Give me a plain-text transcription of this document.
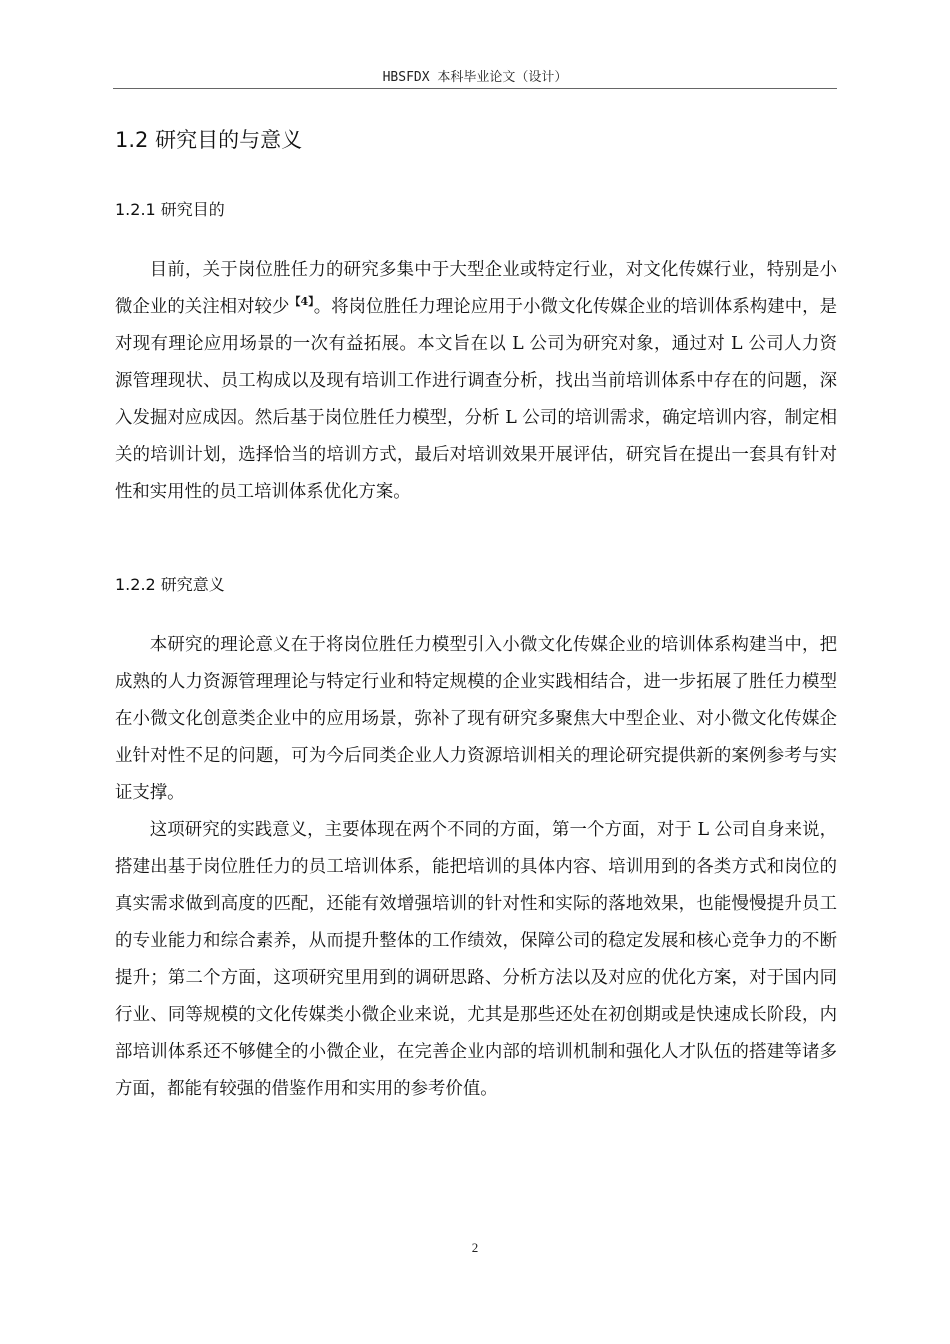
HBSFDX 本科毕业论文（设计）
1.2 研究目的与意义
1.2.1 研究目的

目前，关于岗位胜任力的研究多集中于大型企业或特定行业，对文化传媒行业，特别是小微企业的关注相对较少$^{【4】}$。将岗位胜任力理论应用于小微文化传媒企业的培训体系构建中，是对现有理论应用场景的一次有益拓展。本文旨在以 L 公司为研究对象，通过对 L 公司人力资源管理现状、员工构成以及现有培训工作进行调查分析，找出当前培训体系中存在的问题，深入发掘对应成因。然后基于岗位胜任力模型，分析 L 公司的培训需求，确定培训内容，制定相关的培训计划，选择恰当的培训方式，最后对培训效果开展评估，研究旨在提出一套具有针对性和实用性的员工培训体系优化方案。

1.2.2 研究意义

本研究的理论意义在于将岗位胜任力模型引入小微文化传媒企业的培训体系构建当中，把成熟的人力资源管理理论与特定行业和特定规模的企业实践相结合，进一步拓展了胜任力模型在小微文化创意类企业中的应用场景，弥补了现有研究多聚焦大中型企业、对小微文化传媒企业针对性不足的问题，可为今后同类企业人力资源培训相关的理论研究提供新的案例参考与实证支撑。

这项研究的实践意义，主要体现在两个不同的方面，第一个方面，对于 L 公司自身来说，搭建出基于岗位胜任力的员工培训体系，能把培训的具体内容、培训用到的各类方式和岗位的真实需求做到高度的匹配，还能有效增强培训的针对性和实际的落地效果，也能慢慢提升员工的专业能力和综合素养，从而提升整体的工作绩效，保障公司的稳定发展和核心竞争力的不断提升；第二个方面，这项研究里用到的调研思路、分析方法以及对应的优化方案，对于国内同行业、同等规模的文化传媒类小微企业来说，尤其是那些还处在初创期或是快速成长阶段，内部培训体系还不够健全的小微企业，在完善企业内部的培训机制和强化人才队伍的搭建等诸多方面，都能有较强的借鉴作用和实用的参考价值。

2
